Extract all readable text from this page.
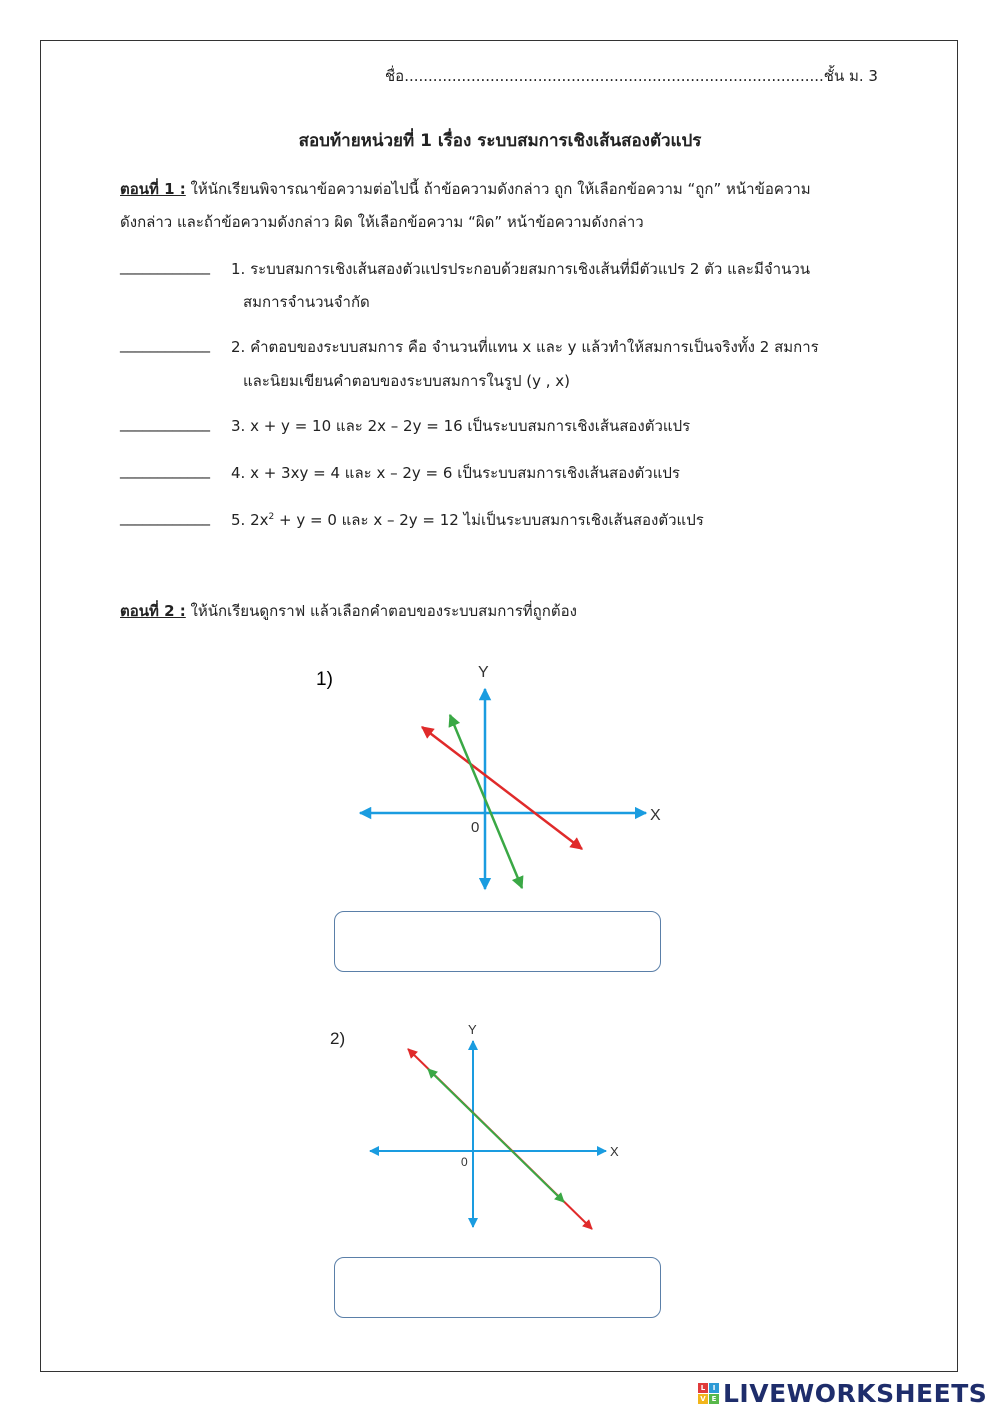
ชื่อ........................................................................................ชั้น ม. 3
สอบท้ายหน่วยที่ 1 เรื่อง ระบบสมการเชิงเส้นสองตัวแปร
ตอนที่ 1 : ให้นักเรียนพิจารณาข้อความต่อไปนี้ ถ้าข้อความดังกล่าว ถูก ให้เลือกข้อความ “ถูก” หน้าข้อความ
ดังกล่าว และถ้าข้อความดังกล่าว ผิด ให้เลือกข้อความ “ผิด” หน้าข้อความดังกล่าว
____________ 1. ระบบสมการเชิงเส้นสองตัวแปรประกอบด้วยสมการเชิงเส้นที่มีตัวแปร 2 ตัว และมีจำนวน
สมการจำนวนจำกัด
____________ 2. คำตอบของระบบสมการ คือ จำนวนที่แทน x และ y แล้วทำให้สมการเป็นจริงทั้ง 2 สมการ
และนิยมเขียนคำตอบของระบบสมการในรูป (y , x)
____________ 3. x + y = 10 และ 2x – 2y = 16 เป็นระบบสมการเชิงเส้นสองตัวแปร
____________ 4. x + 3xy = 4 และ x – 2y = 6 เป็นระบบสมการเชิงเส้นสองตัวแปร
____________ 5. $2x^2 + y = 0$ และ x – 2y = 12 ไม่เป็นระบบสมการเชิงเส้นสองตัวแปร
ตอนที่ 2 : ให้นักเรียนดูกราฟ แล้วเลือกคำตอบของระบบสมการที่ถูกต้อง
1)	Y
X
0
2)	Y
X
0
L	I
V E LIVEWORKSHEETS
